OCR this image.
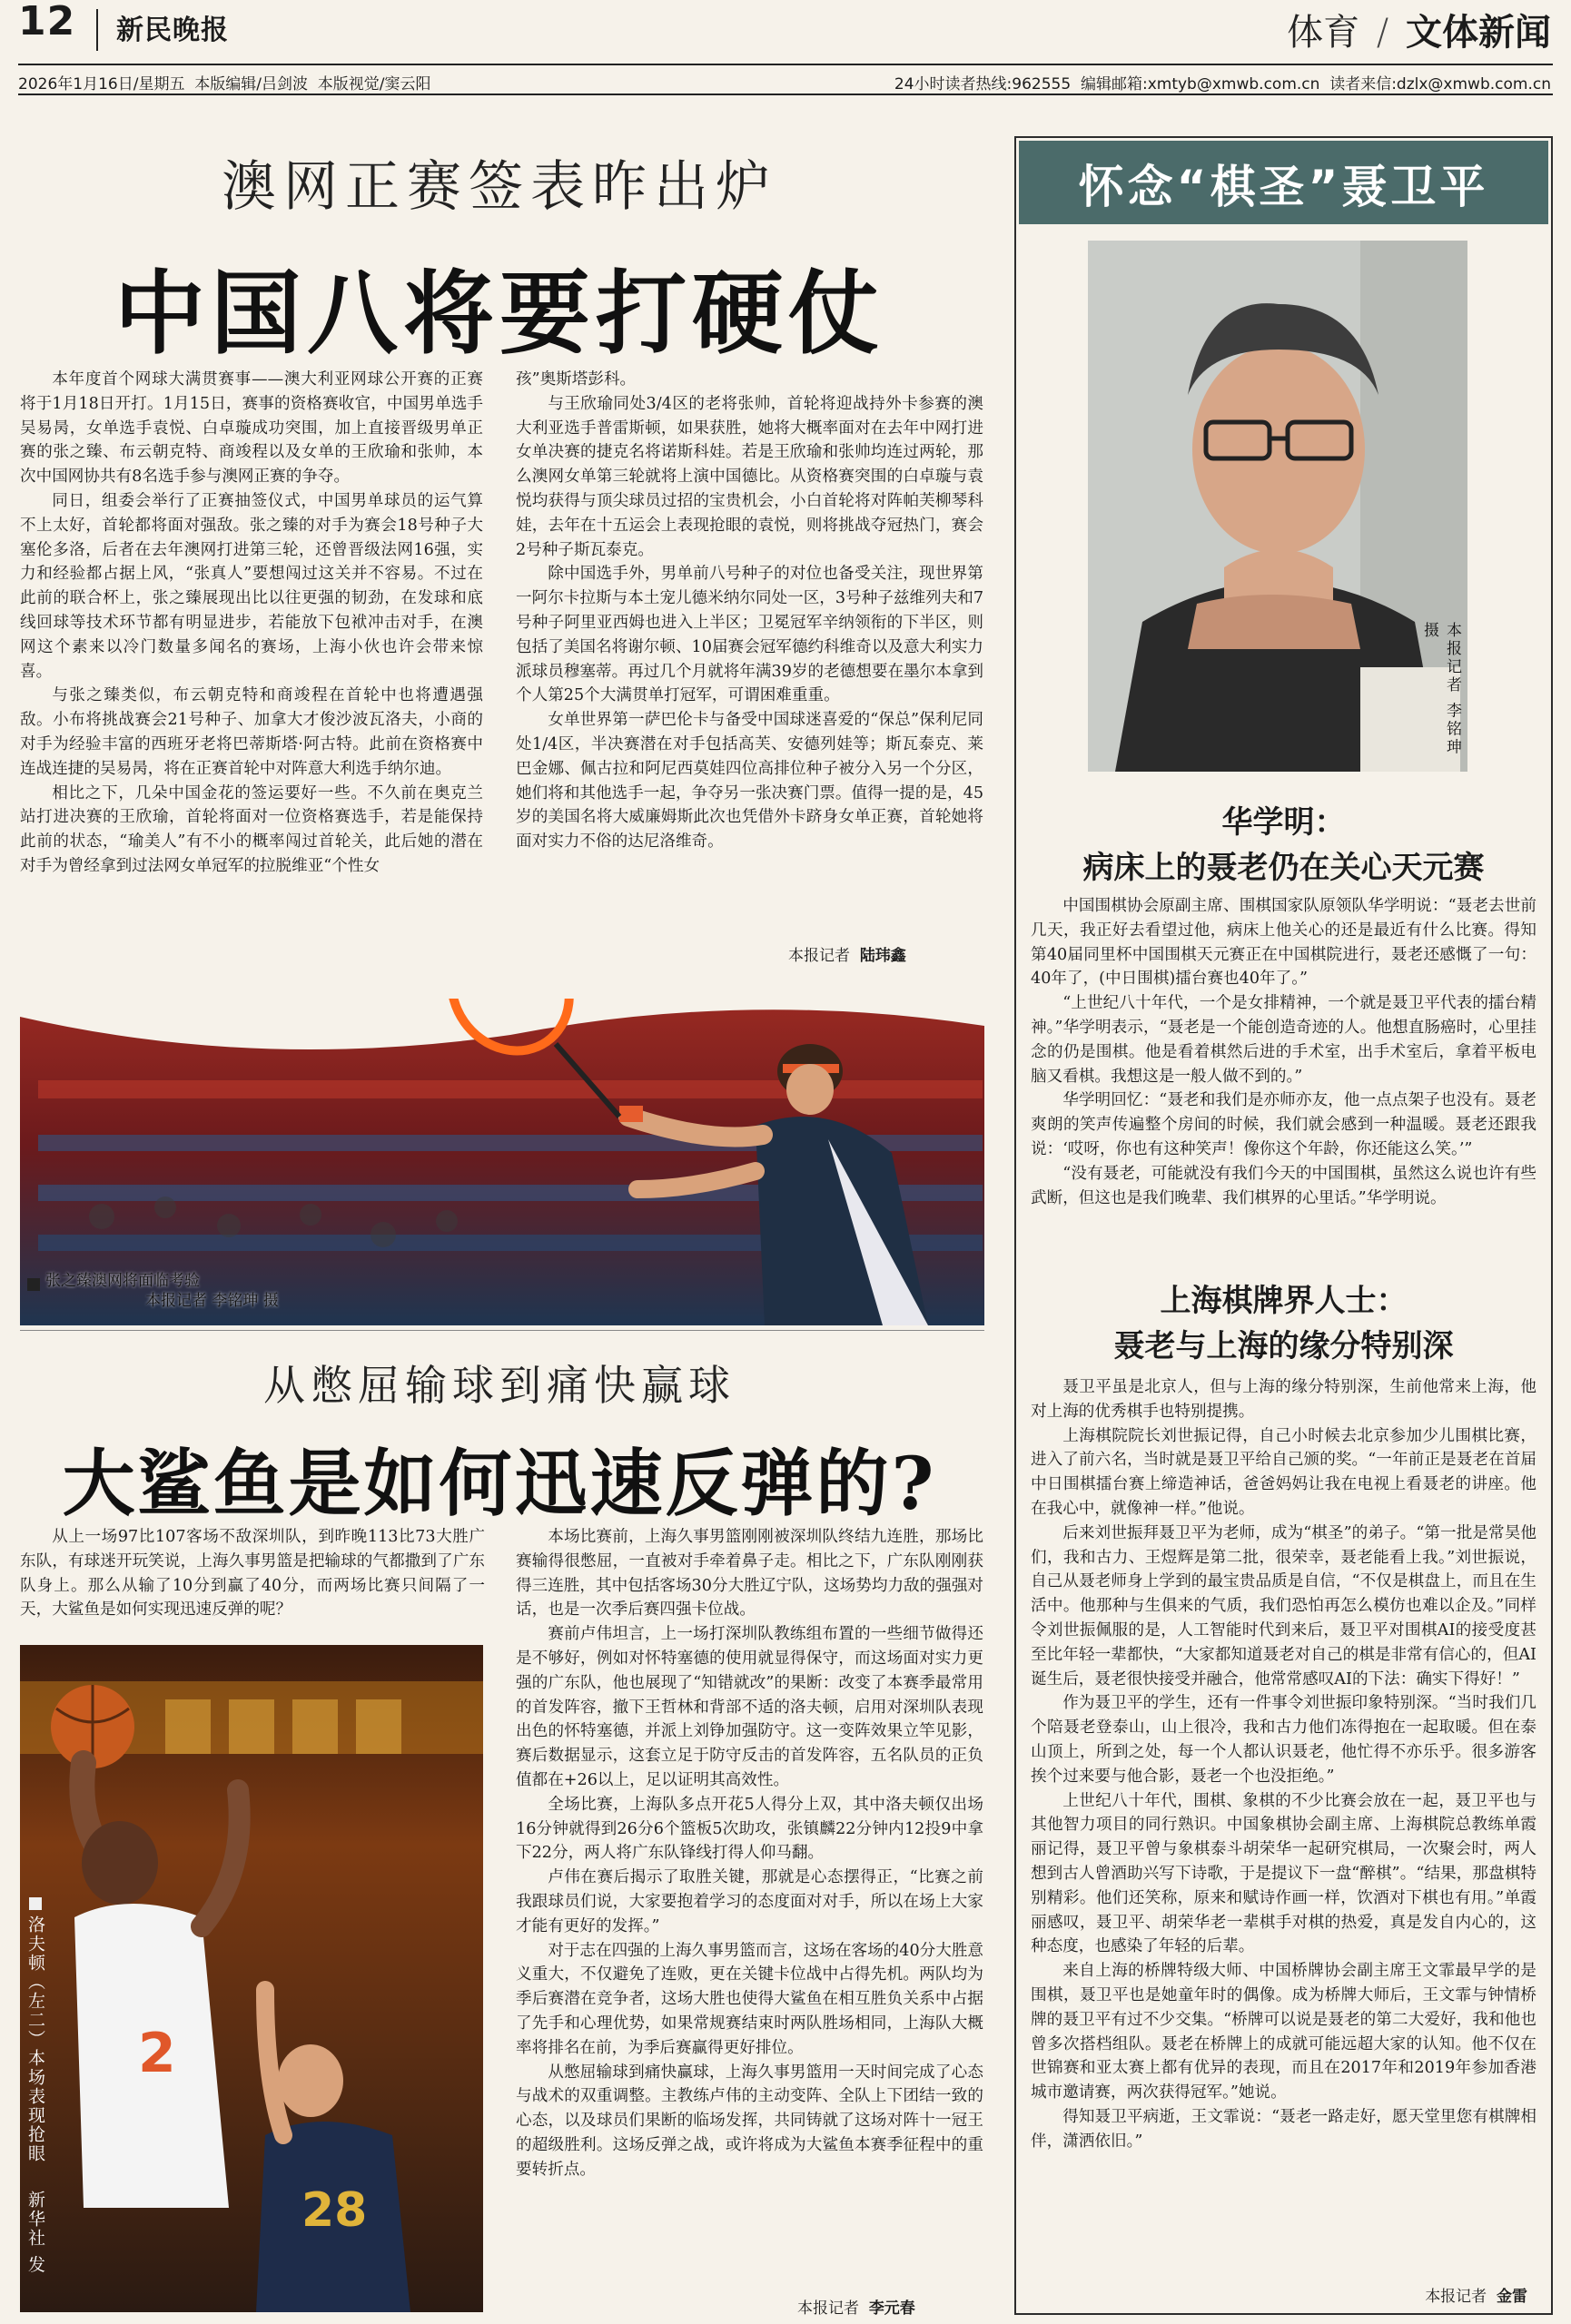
12 新民晚报	体育 / 文体新闻
2026年1月16日/星期五  本版编辑/吕剑波  本版视觉/窦云阳	24小时读者热线:962555  编辑邮箱:xmtyb@xmwb.com.cn  读者来信:dzlx@xmwb.com.cn
澳网正赛签表昨出炉
中国八将要打硬仗

本年度首个网球大满贯赛事——澳大利亚网球公开赛的正赛将于1月18日开打。1月15日，赛事的资格赛收官，中国男单选手吴易昺，女单选手袁悦、白卓璇成功突围，加上直接晋级男单正赛的张之臻、布云朝克特、商竣程以及女单的王欣瑜和张帅，本次中国网协共有8名选手参与澳网正赛的争夺。

同日，组委会举行了正赛抽签仪式，中国男单球员的运气算不上太好，首轮都将面对强敌。张之臻的对手为赛会18号种子大塞伦多洛，后者在去年澳网打进第三轮，还曾晋级法网16强，实力和经验都占据上风，“张真人”要想闯过这关并不容易。不过在此前的联合杯上，张之臻展现出比以往更强的韧劲，在发球和底线回球等技术环节都有明显进步，若能放下包袱冲击对手，在澳网这个素来以冷门数量多闻名的赛场，上海小伙也许会带来惊喜。

与张之臻类似，布云朝克特和商竣程在首轮中也将遭遇强敌。小布将挑战赛会21号种子、加拿大才俊沙波瓦洛夫，小商的对手为经验丰富的西班牙老将巴蒂斯塔·阿古特。此前在资格赛中连战连捷的吴易昺，将在正赛首轮中对阵意大利选手纳尔迪。

相比之下，几朵中国金花的签运要好一些。不久前在奥克兰站打进决赛的王欣瑜，首轮将面对一位资格赛选手，若是能保持此前的状态，“瑜美人”有不小的概率闯过首轮关，此后她的潜在对手为曾经拿到过法网女单冠军的拉脱维亚“个性女

孩”奥斯塔彭科。

与王欣瑜同处3/4区的老将张帅，首轮将迎战持外卡参赛的澳大利亚选手普雷斯顿，如果获胜，她将大概率面对在去年中网打进女单决赛的捷克名将诺斯科娃。若是王欣瑜和张帅均连过两轮，那么澳网女单第三轮就将上演中国德比。从资格赛突围的白卓璇与袁悦均获得与顶尖球员过招的宝贵机会，小白首轮将对阵帕芙柳琴科娃，去年在十五运会上表现抢眼的袁悦，则将挑战夺冠热门，赛会2号种子斯瓦泰克。

除中国选手外，男单前八号种子的对位也备受关注，现世界第一阿尔卡拉斯与本土宠儿德米纳尔同处一区，3号种子兹维列夫和7号种子阿里亚西姆也进入上半区；卫冕冠军辛纳领衔的下半区，则包括了美国名将谢尔顿、10届赛会冠军德约科维奇以及意大利实力派球员穆塞蒂。再过几个月就将年满39岁的老德想要在墨尔本拿到个人第25个大满贯单打冠军，可谓困难重重。

女单世界第一萨巴伦卡与备受中国球迷喜爱的“保总”保利尼同处1/4区，半决赛潜在对手包括高芙、安德列娃等；斯瓦泰克、莱巴金娜、佩古拉和阿尼西莫娃四位高排位种子被分入另一个分区，她们将和其他选手一起，争夺另一张决赛门票。值得一提的是，45岁的美国名将大威廉姆斯此次也凭借外卡跻身女单正赛，首轮她将面对实力不俗的达尼洛维奇。

本报记者 陆玮鑫
张之臻澳网将面临考验
本报记者 李铭珅 摄
从憋屈输球到痛快赢球
大鲨鱼是如何迅速反弹的?

从上一场97比107客场不敌深圳队，到昨晚113比73大胜广东队，有球迷开玩笑说，上海久事男篮是把输球的气都撒到了广东队身上。那么从输了10分到赢了40分，而两场比赛只间隔了一天，大鲨鱼是如何实现迅速反弹的呢？

2
28
洛夫顿（左二）本场表现抢眼
新华社 发

本场比赛前，上海久事男篮刚刚被深圳队终结九连胜，那场比赛输得很憋屈，一直被对手牵着鼻子走。相比之下，广东队刚刚获得三连胜，其中包括客场30分大胜辽宁队，这场势均力敌的强强对话，也是一次季后赛四强卡位战。

赛前卢伟坦言，上一场打深圳队教练组布置的一些细节做得还是不够好，例如对怀特塞德的使用就显得保守，而这场面对实力更强的广东队，他也展现了“知错就改”的果断：改变了本赛季最常用的首发阵容，撤下王哲林和背部不适的洛夫顿，启用对深圳队表现出色的怀特塞德，并派上刘铮加强防守。这一变阵效果立竿见影，赛后数据显示，这套立足于防守反击的首发阵容，五名队员的正负值都在+26以上，足以证明其高效性。

全场比赛，上海队多点开花5人得分上双，其中洛夫顿仅出场16分钟就得到26分6个篮板5次助攻，张镇麟22分钟内12投9中拿下22分，两人将广东队锋线打得人仰马翻。

卢伟在赛后揭示了取胜关键，那就是心态摆得正，“比赛之前我跟球员们说，大家要抱着学习的态度面对对手，所以在场上大家才能有更好的发挥。”

对于志在四强的上海久事男篮而言，这场在客场的40分大胜意义重大，不仅避免了连败，更在关键卡位战中占得先机。两队均为季后赛潜在竞争者，这场大胜也使得大鲨鱼在相互胜负关系中占据了先手和心理优势，如果常规赛结束时两队胜场相同，上海队大概率将排名在前，为季后赛赢得更好排位。

从憋屈输球到痛快赢球，上海久事男篮用一天时间完成了心态与战术的双重调整。主教练卢伟的主动变阵、全队上下团结一致的心态，以及球员们果断的临场发挥，共同铸就了这场对阵十一冠王的超级胜利。这场反弹之战，或许将成为大鲨鱼本赛季征程中的重要转折点。

本报记者 李元春
怀念“棋圣”聂卫平
本报记者 李铭珅 摄
华学明：
病床上的聂老仍在关心天元赛

中国围棋协会原副主席、围棋国家队原领队华学明说：“聂老去世前几天，我正好去看望过他，病床上他关心的还是最近有什么比赛。得知第40届同里杯中国围棋天元赛正在中国棋院进行，聂老还感慨了一句：40年了，(中日围棋)擂台赛也40年了。”

“上世纪八十年代，一个是女排精神，一个就是聂卫平代表的擂台精神。”华学明表示，“聂老是一个能创造奇迹的人。他想直肠癌时，心里挂念的仍是围棋。他是看着棋然后进的手术室，出手术室后，拿着平板电脑又看棋。我想这是一般人做不到的。”

华学明回忆：“聂老和我们是亦师亦友，他一点点架子也没有。聂老爽朗的笑声传遍整个房间的时候，我们就会感到一种温暖。聂老还跟我说：‘哎呀，你也有这种笑声！像你这个年龄，你还能这么笑。’”

“没有聂老，可能就没有我们今天的中国围棋，虽然这么说也许有些武断，但这也是我们晚辈、我们棋界的心里话。”华学明说。

上海棋牌界人士：
聂老与上海的缘分特别深

聂卫平虽是北京人，但与上海的缘分特别深，生前他常来上海，他对上海的优秀棋手也特别提携。

上海棋院院长刘世振记得，自己小时候去北京参加少儿围棋比赛，进入了前六名，当时就是聂卫平给自己颁的奖。“一年前正是聂老在首届中日围棋擂台赛上缔造神话，爸爸妈妈让我在电视上看聂老的讲座。他在我心中，就像神一样。”他说。

后来刘世振拜聂卫平为老师，成为“棋圣”的弟子。“第一批是常昊他们，我和古力、王煜辉是第二批，很荣幸，聂老能看上我。”刘世振说，自己从聂老师身上学到的最宝贵品质是自信，“不仅是棋盘上，而且在生活中。他那种与生俱来的气质，我们恐怕再怎么模仿也难以企及。”同样令刘世振佩服的是，人工智能时代到来后，聂卫平对围棋AI的接受度甚至比年轻一辈都快，“大家都知道聂老对自己的棋是非常有信心的，但AI诞生后，聂老很快接受并融合，他常常感叹AI的下法：确实下得好！”

作为聂卫平的学生，还有一件事令刘世振印象特别深。“当时我们几个陪聂老登泰山，山上很冷，我和古力他们冻得抱在一起取暖。但在泰山顶上，所到之处，每一个人都认识聂老，他忙得不亦乐乎。很多游客挨个过来要与他合影，聂老一个也没拒绝。”

上世纪八十年代，围棋、象棋的不少比赛会放在一起，聂卫平也与其他智力项目的同行熟识。中国象棋协会副主席、上海棋院总教练单霞丽记得，聂卫平曾与象棋泰斗胡荣华一起研究棋局，一次聚会时，两人想到古人曾酒助兴写下诗歌，于是提议下一盘“醉棋”。“结果，那盘棋特别精彩。他们还笑称，原来和赋诗作画一样，饮酒对下棋也有用。”单霞丽感叹，聂卫平、胡荣华老一辈棋手对棋的热爱，真是发自内心的，这种态度，也感染了年轻的后辈。

来自上海的桥牌特级大师、中国桥牌协会副主席王文霏最早学的是围棋，聂卫平也是她童年时的偶像。成为桥牌大师后，王文霏与钟情桥牌的聂卫平有过不少交集。“桥牌可以说是聂老的第二大爱好，我和他也曾多次搭档组队。聂老在桥牌上的成就可能远超大家的认知。他不仅在世锦赛和亚太赛上都有优异的表现，而且在2017年和2019年参加香港城市邀请赛，两次获得冠军。”她说。

得知聂卫平病逝，王文霏说：“聂老一路走好，愿天堂里您有棋牌相伴，潇洒依旧。”

本报记者 金雷
